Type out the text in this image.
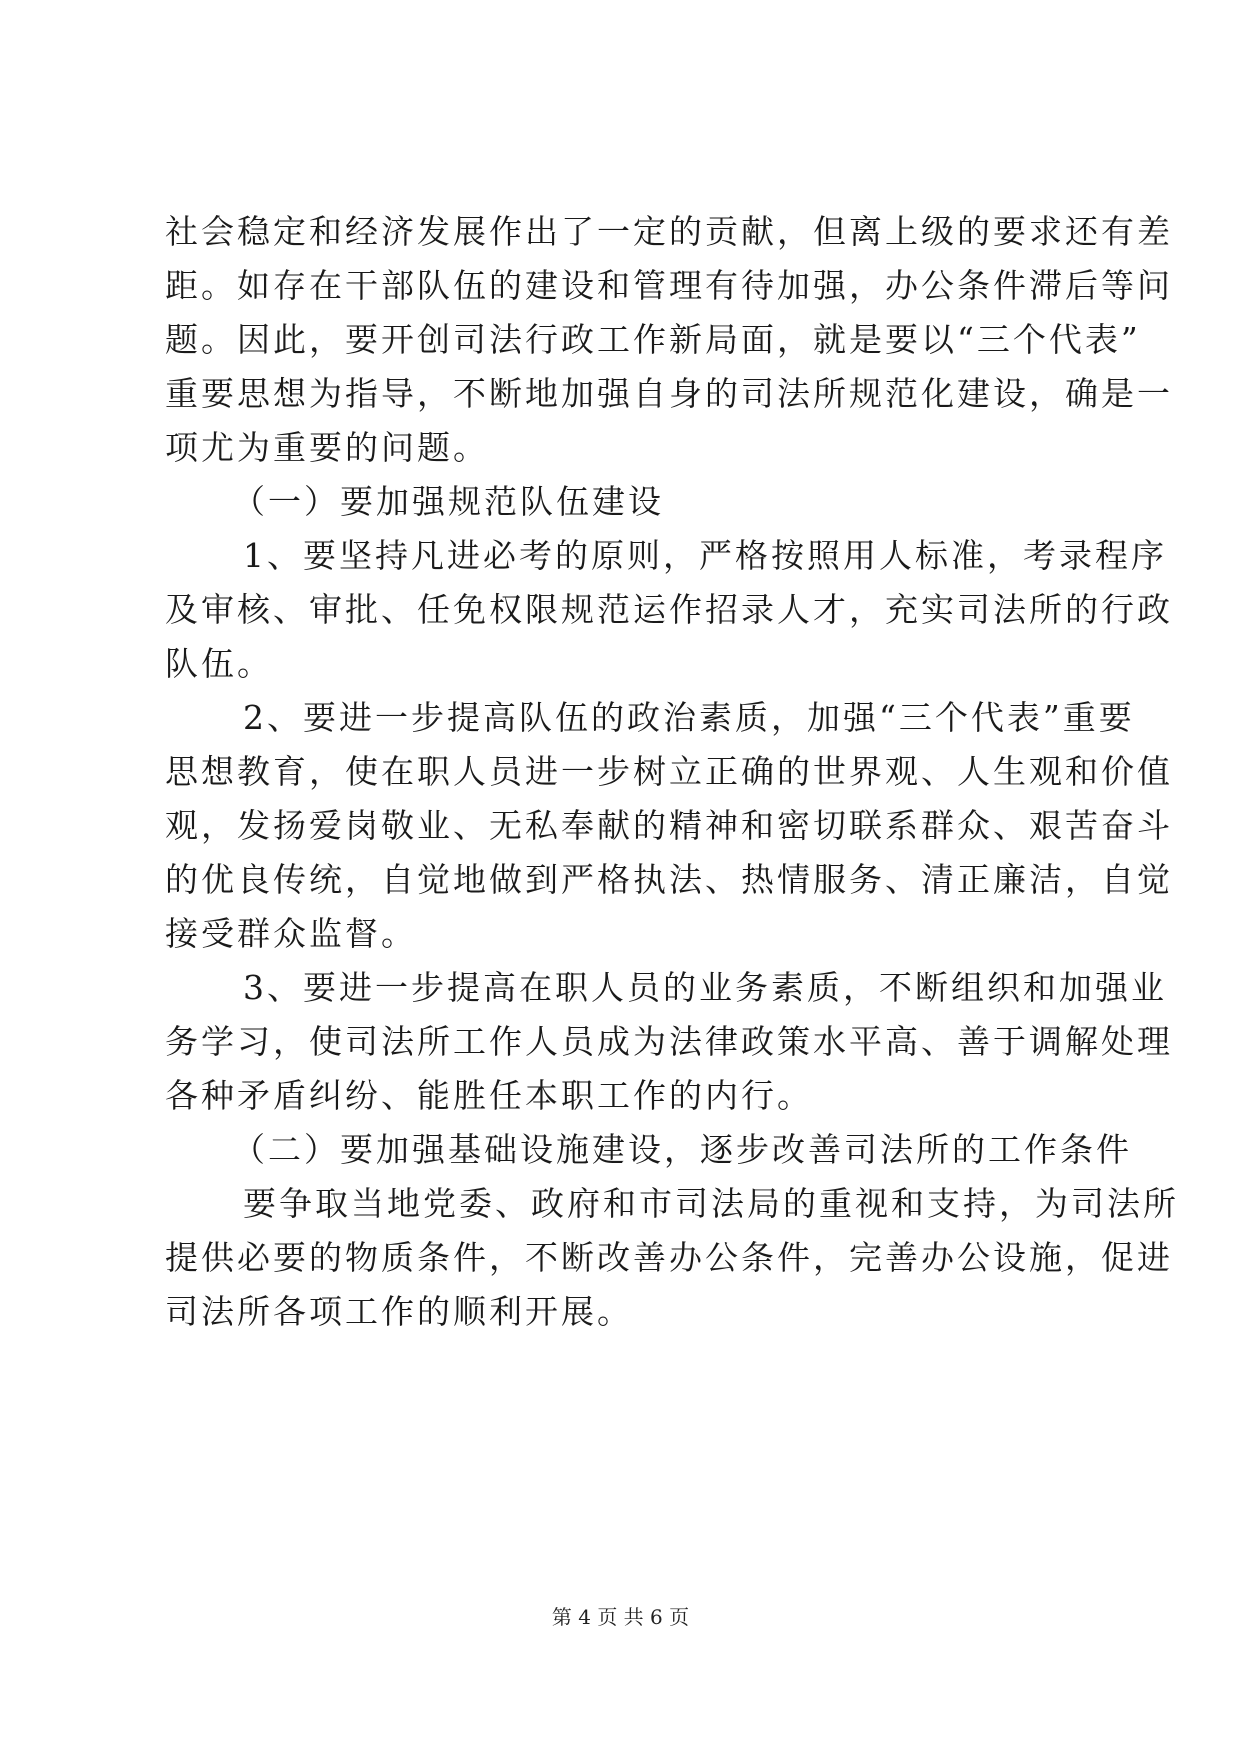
社会稳定和经济发展作出了一定的贡献，但离上级的要求还有差
距。如存在干部队伍的建设和管理有待加强，办公条件滞后等问
题。因此，要开创司法行政工作新局面，就是要以“三个代表”
重要思想为指导，不断地加强自身的司法所规范化建设，确是一
项尤为重要的问题。
（一）要加强规范队伍建设
1、要坚持凡进必考的原则，严格按照用人标准，考录程序
及审核、审批、任免权限规范运作招录人才，充实司法所的行政
队伍。
2、要进一步提高队伍的政治素质，加强“三个代表”重要
思想教育，使在职人员进一步树立正确的世界观、人生观和价值
观，发扬爱岗敬业、无私奉献的精神和密切联系群众、艰苦奋斗
的优良传统，自觉地做到严格执法、热情服务、清正廉洁，自觉
接受群众监督。
3、要进一步提高在职人员的业务素质，不断组织和加强业
务学习，使司法所工作人员成为法律政策水平高、善于调解处理
各种矛盾纠纷、能胜任本职工作的内行。
（二）要加强基础设施建设，逐步改善司法所的工作条件
要争取当地党委、政府和市司法局的重视和支持，为司法所
提供必要的物质条件，不断改善办公条件，完善办公设施，促进
司法所各项工作的顺利开展。
第 4 页 共 6 页
